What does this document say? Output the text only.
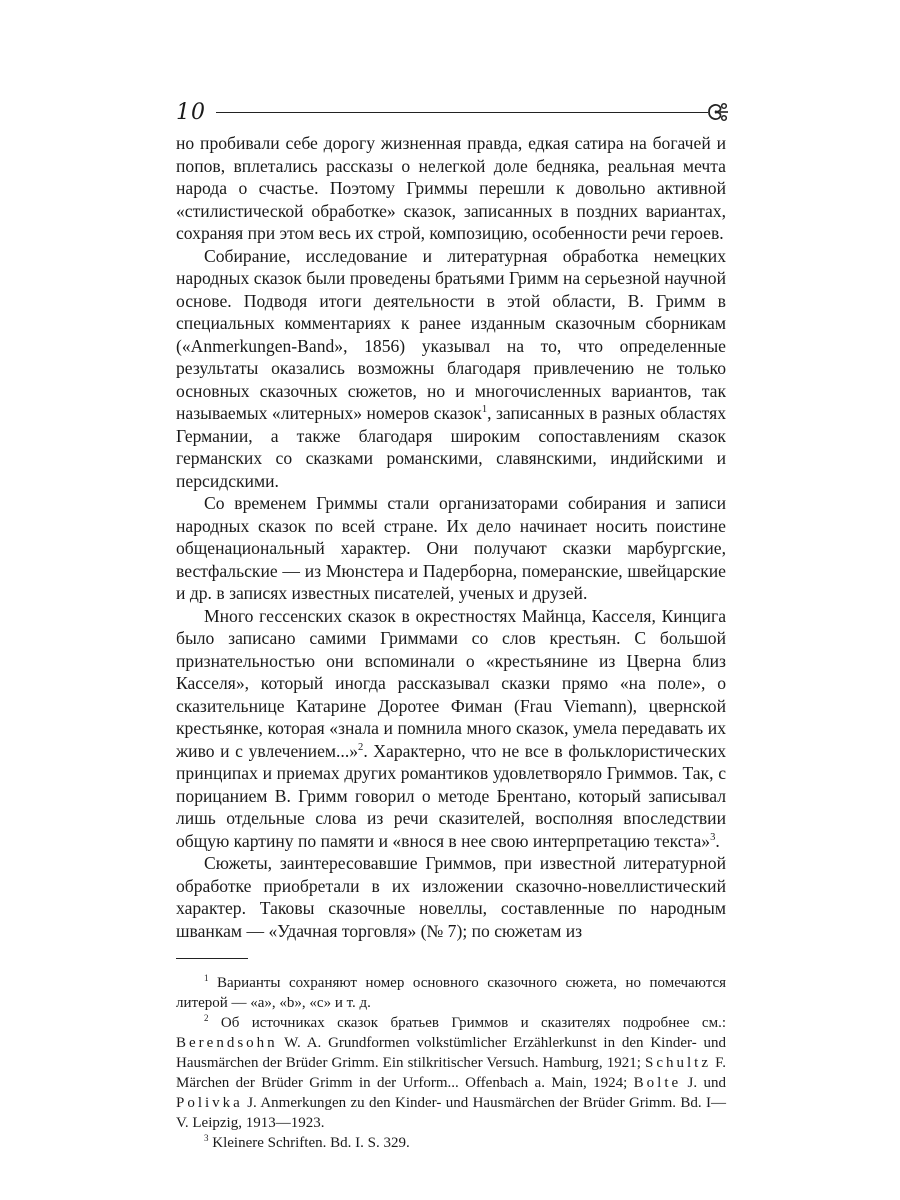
10

но пробивали себе дорогу жизненная правда, едкая сатира на богачей и попов, вплетались рассказы о нелегкой доле бедняка, реальная мечта народа о счастье. Поэтому Гриммы перешли к довольно активной «стилистической обработке» сказок, записанных в поздних вариантах, сохраняя при этом весь их строй, композицию, особенности речи героев.

Собирание, исследование и литературная обработка немецких народных сказок были проведены братьями Гримм на серьезной научной основе. Подводя итоги деятельности в этой области, В. Гримм в специальных комментариях к ранее изданным сказочным сборникам («Anmerkungen-Band», 1856) указывал на то, что определенные результаты оказались возможны благодаря привлечению не только основных сказочных сюжетов, но и многочисленных вариантов, так называемых «литерных» номеров сказок$^1$, записанных в разных областях Германии, а также благодаря широким сопоставлениям сказок германских со сказками романскими, славянскими, индийскими и персидскими.

Со временем Гриммы стали организаторами собирания и записи народных сказок по всей стране. Их дело начинает носить поистине общенациональный характер. Они получают сказки марбургские, вестфальские — из Мюнстера и Падерборна, померанские, швейцарские и др. в записях известных писателей, ученых и друзей.

Много гессенских сказок в окрестностях Майнца, Касселя, Кинцига было записано самими Гриммами со слов крестьян. С большой признательностью они вспоминали о «крестьянине из Цверна близ Касселя», который иногда рассказывал сказки прямо «на поле», о сказительнице Катарине Доротее Фиман (Frau Viemann), цвернской крестьянке, которая «знала и помнила много сказок, умела передавать их живо и с увлечением...»$^2$. Характерно, что не все в фольклористических принципах и приемах других романтиков удовлетворяло Гриммов. Так, с порицанием В. Гримм говорил о методе Брентано, который записывал лишь отдельные слова из речи сказителей, восполняя впоследствии общую картину по памяти и «внося в нее свою интерпретацию текста»$^3$.

Сюжеты, заинтересовавшие Гриммов, при известной литературной обработке приобретали в их изложении сказочно-новеллистический характер. Таковы сказочные новеллы, составленные по народным шванкам — «Удачная торговля» (№ 7); по сюжетам из

$^1$ Варианты сохраняют номер основного сказочного сюжета, но помечаются литерой — «а», «b», «с» и т. д.

$^2$ Об источниках сказок братьев Гриммов и сказителях подробнее см.: Berendsohn W. A. Grundformen volkstümlicher Erzählerkunst in den Kinder- und Hausmärchen der Brüder Grimm. Ein stilkritischer Versuch. Hamburg, 1921; Schultz F. Märchen der Brüder Grimm in der Urform... Offenbach a. Main, 1924; Bolte J. und Polivka J. Anmerkungen zu den Kinder- und Hausmärchen der Brüder Grimm. Bd. I—V. Leipzig, 1913—1923.

$^3$ Kleinere Schriften. Bd. I. S. 329.
